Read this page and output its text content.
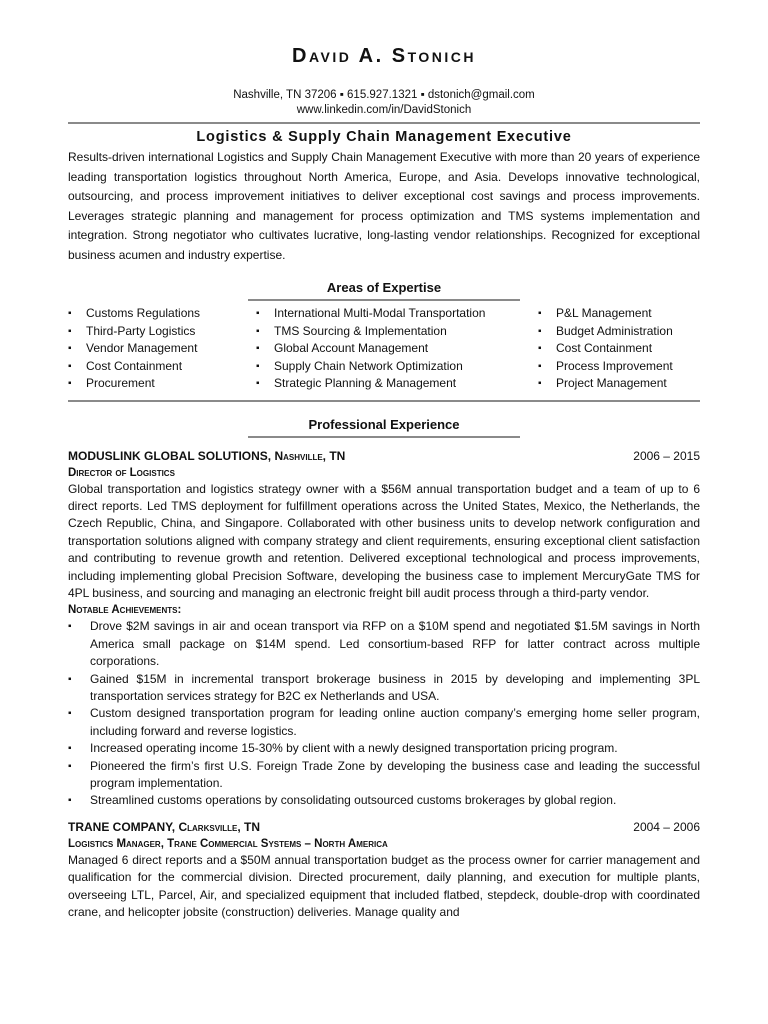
David A. Stonich
Nashville, TN 37206 ▪ 615.927.1321 ▪ dstonich@gmail.com
www.linkedin.com/in/DavidStonich
Logistics & Supply Chain Management Executive
Results-driven international Logistics and Supply Chain Management Executive with more than 20 years of experience leading transportation logistics throughout North America, Europe, and Asia. Develops innovative technological, outsourcing, and process improvement initiatives to deliver exceptional cost savings and process improvements. Leverages strategic planning and management for process optimization and TMS systems implementation and integration. Strong negotiator who cultivates lucrative, long-lasting vendor relationships. Recognized for exceptional business acumen and industry expertise.
Areas of Expertise
▪ Customs Regulations
▪ Third-Party Logistics
▪ Vendor Management
▪ Cost Containment
▪ Procurement
▪ International Multi-Modal Transportation
▪ TMS Sourcing & Implementation
▪ Global Account Management
▪ Supply Chain Network Optimization
▪ Strategic Planning & Management
▪ P&L Management
▪ Budget Administration
▪ Cost Containment
▪ Process Improvement
▪ Project Management
Professional Experience
MODUSLINK GLOBAL SOLUTIONS, Nashville, TN	2006 – 2015
Director of Logistics
Global transportation and logistics strategy owner with a $56M annual transportation budget and a team of up to 6 direct reports. Led TMS deployment for fulfillment operations across the United States, Mexico, the Netherlands, the Czech Republic, China, and Singapore. Collaborated with other business units to develop network configuration and transportation solutions aligned with company strategy and client requirements, ensuring exceptional client satisfaction and contributing to revenue growth and retention. Delivered exceptional technological and process improvements, including implementing global Precision Software, developing the business case to implement MercuryGate TMS for 4PL business, and sourcing and managing an electronic freight bill audit process through a third-party vendor.
Notable Achievements:
▪ Drove $2M savings in air and ocean transport via RFP on a $10M spend and negotiated $1.5M savings in North America small package on $14M spend. Led consortium-based RFP for latter contract across multiple corporations.
▪ Gained $15M in incremental transport brokerage business in 2015 by developing and implementing 3PL transportation services strategy for B2C ex Netherlands and USA.
▪ Custom designed transportation program for leading online auction company’s emerging home seller program, including forward and reverse logistics.
▪ Increased operating income 15-30% by client with a newly designed transportation pricing program.
▪ Pioneered the firm’s first U.S. Foreign Trade Zone by developing the business case and leading the successful program implementation.
▪ Streamlined customs operations by consolidating outsourced customs brokerages by global region.
TRANE COMPANY, Clarksville, TN	2004 – 2006
Logistics Manager, Trane Commercial Systems – North America
Managed 6 direct reports and a $50M annual transportation budget as the process owner for carrier management and qualification for the commercial division. Directed procurement, daily planning, and execution for multiple plants, overseeing LTL, Parcel, Air, and specialized equipment that included flatbed, stepdeck, double-drop with coordinated crane, and helicopter jobsite (construction) deliveries. Manage quality and
